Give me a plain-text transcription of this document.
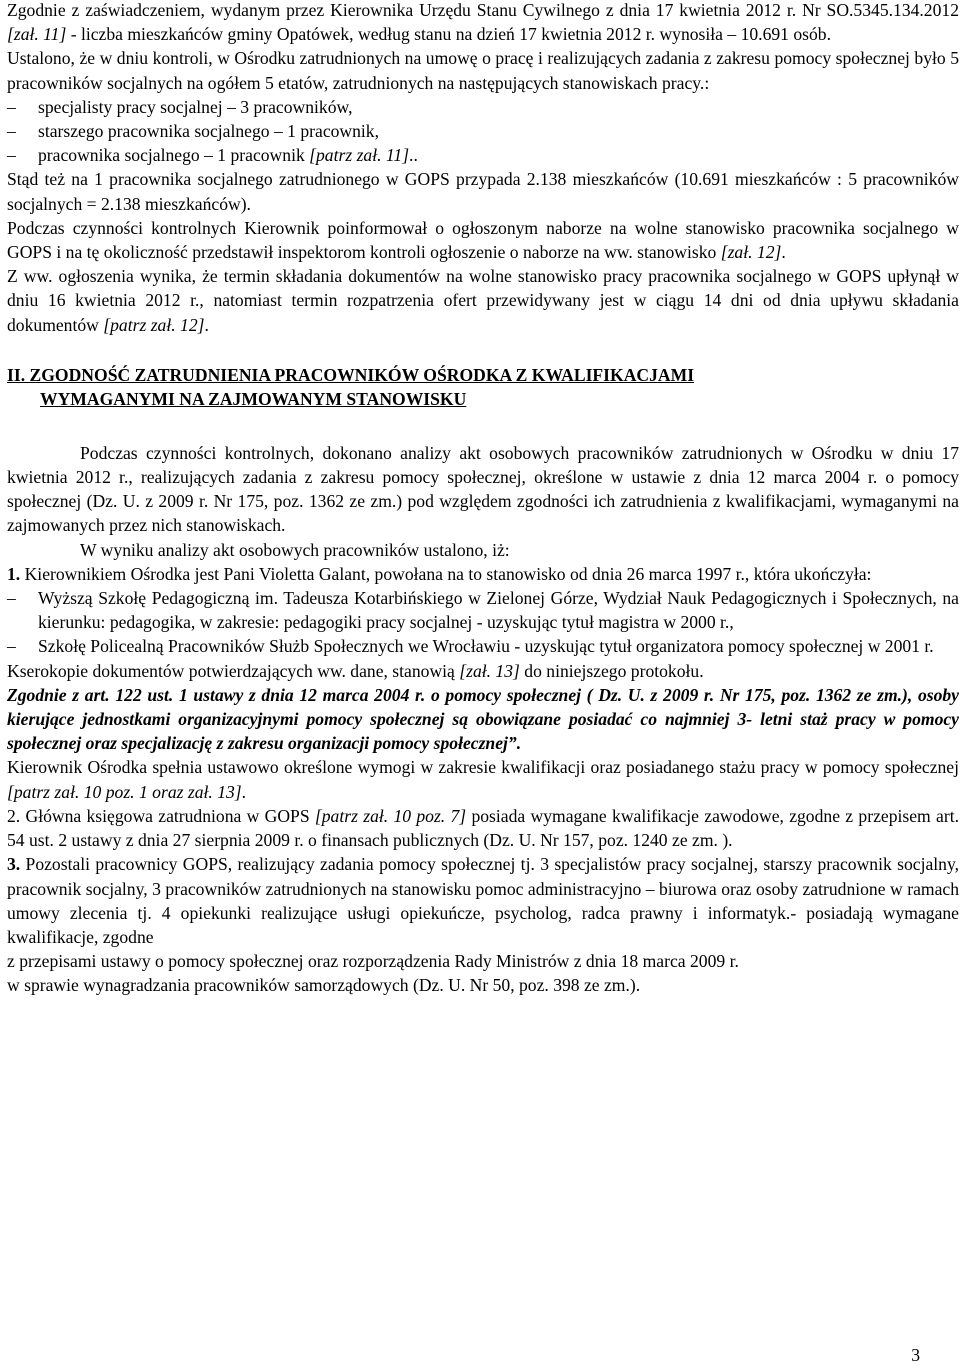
Zgodnie z zaświadczeniem, wydanym przez Kierownika Urzędu Stanu Cywilnego z dnia 17 kwietnia 2012 r. Nr SO.5345.134.2012 [zał. 11] - liczba mieszkańców gminy Opatówek, według stanu na dzień 17 kwietnia 2012 r. wynosiła – 10.691 osób.

Ustalono, że w dniu kontroli, w Ośrodku zatrudnionych na umowę o pracę i realizujących zadania z zakresu pomocy społecznej było 5 pracowników socjalnych na ogółem 5 etatów, zatrudnionych na następujących stanowiskach pracy.:

– specjalisty pracy socjalnej – 3 pracowników,
– starszego pracownika socjalnego – 1 pracownik,
– pracownika socjalnego – 1 pracownik [patrz zał. 11]..

Stąd też na 1 pracownika socjalnego zatrudnionego w GOPS przypada 2.138 mieszkańców (10.691 mieszkańców : 5 pracowników socjalnych = 2.138 mieszkańców).

Podczas czynności kontrolnych Kierownik poinformował o ogłoszonym naborze na wolne stanowisko pracownika socjalnego w GOPS i na tę okoliczność przedstawił inspektorom kontroli ogłoszenie o naborze na ww. stanowisko [zał. 12].

Z ww. ogłoszenia wynika, że termin składania dokumentów na wolne stanowisko pracy pracownika socjalnego w GOPS upłynął w dniu 16 kwietnia 2012 r., natomiast termin rozpatrzenia ofert przewidywany jest w ciągu 14 dni od dnia upływu składania dokumentów [patrz zał. 12].

II. ZGODNOŚĆ ZATRUDNIENIA PRACOWNIKÓW OŚRODKA Z KWALIFIKACJAMI
WYMAGANYMI NA ZAJMOWANYM STANOWISKU

Podczas czynności kontrolnych, dokonano analizy akt osobowych pracowników zatrudnionych w Ośrodku w dniu 17 kwietnia 2012 r., realizujących zadania z zakresu pomocy społecznej, określone w ustawie z dnia 12 marca 2004 r. o pomocy społecznej (Dz. U. z 2009 r. Nr 175, poz. 1362 ze zm.) pod względem zgodności ich zatrudnienia z kwalifikacjami, wymaganymi na zajmowanych przez nich stanowiskach.

W wyniku analizy akt osobowych pracowników ustalono, iż:

1. Kierownikiem Ośrodka jest Pani Violetta Galant, powołana na to stanowisko od dnia 26 marca 1997 r., która ukończyła:

– Wyższą Szkołę Pedagogiczną im. Tadeusza Kotarbińskiego w Zielonej Górze, Wydział Nauk Pedagogicznych i Społecznych, na kierunku: pedagogika, w zakresie: pedagogiki pracy socjalnej - uzyskując tytuł magistra w 2000 r.,
– Szkołę Policealną Pracowników Służb Społecznych we Wrocławiu - uzyskując tytuł organizatora pomocy społecznej w 2001 r.

Kserokopie dokumentów potwierdzających ww. dane, stanowią [zał. 13] do niniejszego protokołu.

Zgodnie z art. 122 ust. 1 ustawy z dnia 12 marca 2004 r. o pomocy społecznej ( Dz. U. z 2009 r. Nr 175, poz. 1362 ze zm.), osoby kierujące jednostkami organizacyjnymi pomocy społecznej są obowiązane posiadać co najmniej 3- letni staż pracy w pomocy społecznej oraz specjalizację z zakresu organizacji pomocy społecznej”.

Kierownik Ośrodka spełnia ustawowo określone wymogi w zakresie kwalifikacji oraz posiadanego stażu pracy w pomocy społecznej [patrz zał. 10 poz. 1 oraz zał. 13].

2. Główna księgowa zatrudniona w GOPS [patrz zał. 10 poz. 7] posiada wymagane kwalifikacje zawodowe, zgodne z przepisem art. 54 ust. 2 ustawy z dnia 27 sierpnia 2009 r. o finansach publicznych (Dz. U. Nr 157, poz. 1240 ze zm. ).

3. Pozostali pracownicy GOPS, realizujący zadania pomocy społecznej tj. 3 specjalistów pracy socjalnej, starszy pracownik socjalny, pracownik socjalny, 3 pracowników zatrudnionych na stanowisku pomoc administracyjno – biurowa oraz osoby zatrudnione w ramach umowy zlecenia tj. 4 opiekunki realizujące usługi opiekuńcze, psycholog, radca prawny i informatyk.- posiadają wymagane kwalifikacje, zgodne

z przepisami ustawy o pomocy społecznej oraz rozporządzenia Rady Ministrów z dnia 18 marca 2009 r.

w sprawie wynagradzania pracowników samorządowych (Dz. U. Nr 50, poz. 398 ze zm.).

3
